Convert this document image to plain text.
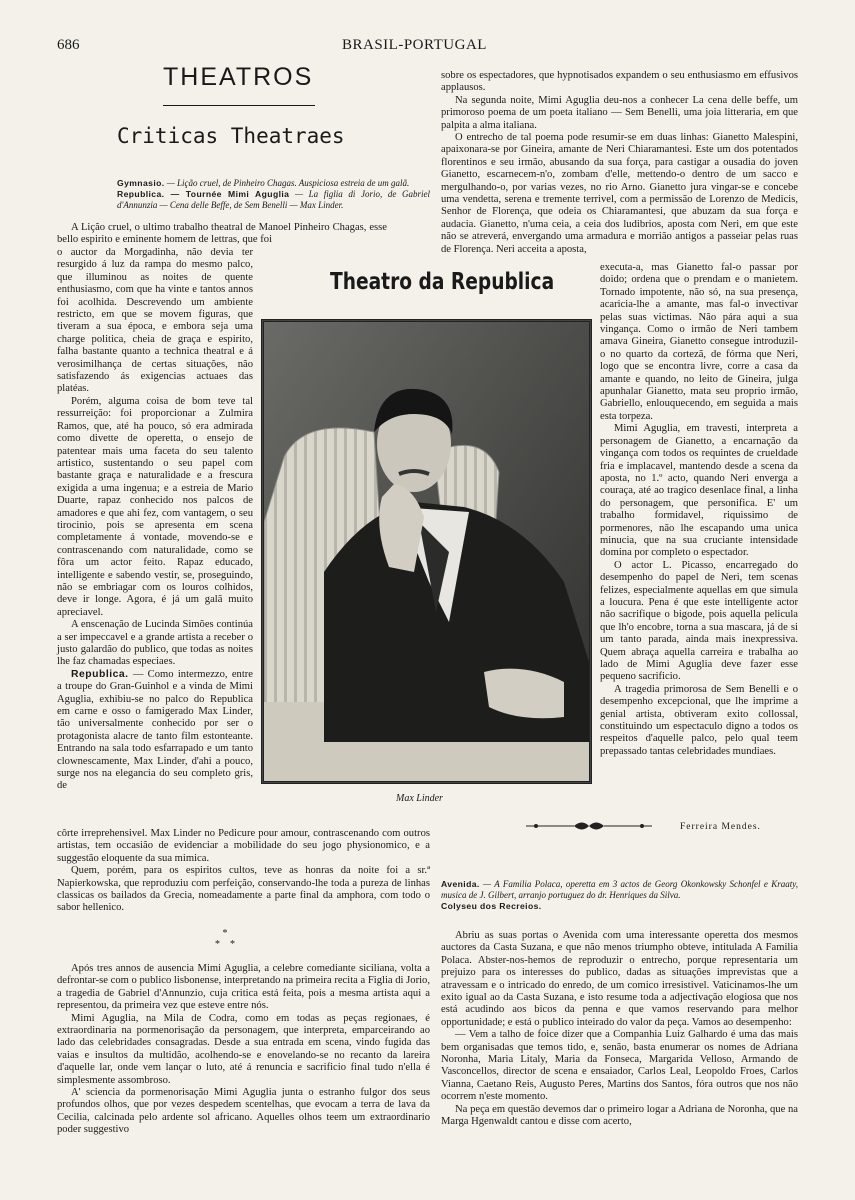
686	BRASIL-PORTUGAL
THEATROS
Criticas Theatraes
Gymnasio. — Lição cruel, de Pinheiro Chagas. Auspiciosa estreia de um galã.
Republica. — Tournée Mimi Aguglia — La figlia di Jorio, de Gabriel d'Annunzia — Cena delle Beffe, de Sem Benelli — Max Linder.

A Lição cruel, o ultimo trabalho theatral de Manoel Pinheiro Chagas, esse bello espirito e eminente homem de lettras, que foi

o auctor da Morgadinha, não devia ter resurgido á luz da rampa do mesmo palco, que illuminou as noites de quente enthusiasmo, com que ha vinte e tantos annos foi acolhida. Descrevendo um ambiente restricto, em que se movem figuras, que tiveram a sua época, e embora seja uma charge politica, cheia de graça e espirito, falha bastante quanto a technica theatral e á verosimilhança de certas situações, não satisfazendo ás exigencias actuaes das platéas.

Porém, alguma coisa de bom teve tal ressurreição: foi proporcionar a Zulmira Ramos, que, até ha pouco, só era admirada como divette de operetta, o ensejo de patentear mais uma faceta do seu talento artistico, sustentando o seu papel com bastante graça e naturalidade e a frescura exigida a uma ingenua; e a estreia de Mario Duarte, rapaz conhecido nos palcos de amadores e que ahi fez, com vantagem, o seu tirocinio, pois se apresenta em scena completamente á vontade, movendo-se e contrascenando com naturalidade, como se fôra um actor feito. Rapaz educado, intelligente e sabendo vestir, se, proseguindo, não se embriagar com os louros colhidos, deve ir longe. Agora, é já um galã muito apreciavel.

A enscenação de Lucinda Simões continúa a ser impeccavel e a grande artista a receber o justo galardão do publico, que todas as noites lhe faz chamadas especiaes.

Republica. — Como intermezzo, entre a troupe do Gran-Guinhol e a vinda de Mimi Aguglia, exhibiu-se no palco do Republica em carne e osso o famigerado Max Linder, tão universalmente conhecido por ser o protagonista alacre de tanto film estonteante. Entrando na sala todo esfarrapado e um tanto clownescamente, Max Linder, d'ahi a pouco, surge nos na elegancia do seu completo gris, de

côrte irreprehensivel. Max Linder no Pedicure pour amour, contrascenando com outros artistas, tem occasião de evidenciar a mobilidade do seu jogo physionomico, e a suggestão eloquente da sua mimica.

Quem, porém, para os espiritos cultos, teve as honras da noite foi a sr.ª Napierkowska, que reproduziu com perfeição, conservando-lhe toda a pureza de linhas classicas os bailados da Grecia, nomeadamente a parte final da amphora, com todo o sabor hellenico.

*
*    *

Após tres annos de ausencia Mimi Aguglia, a celebre comediante siciliana, volta a defrontar-se com o publico lisbonense, interpretando na primeira recita a Figlia di Jorio, a tragedia de Gabriel d'Annunzio, cuja critica está feita, pois a mesma artista aqui a representou, da primeira vez que esteve entre nós.

Mimi Aguglia, na Mila de Codra, como em todas as peças regionaes, é extraordinaria na pormenorisação da personagem, que interpreta, emparceirando ao lado das celebridades consagradas. Desde a sua entrada em scena, vindo fugida das vaias e insultos da multidão, acolhendo-se e enovelando-se no recanto da lareira d'aquelle lar, onde vem lançar o luto, até á renuncia e sacrificio final tudo n'ella é simplesmente assombroso.

A' sciencia da pormenorisação Mimi Aguglia junta o estranho fulgor dos seus profundos olhos, que por vezes despedem scentelhas, que evocam a terra de lava da Cecilia, calcinada pelo ardente sol africano. Aquelles olhos teem um extraordinario poder suggestivo

sobre os espectadores, que hypnotisados expandem o seu enthusiasmo em effusivos applausos.

Na segunda noite, Mimi Aguglia deu-nos a conhecer La cena delle beffe, um primoroso poema de um poeta italiano — Sem Benelli, uma joia litteraria, em que palpita a alma italiana.

O entrecho de tal poema pode resumir-se em duas linhas: Gianetto Malespini, apaixonara-se por Gineira, amante de Neri Chiaramantesi. Este um dos potentados florentinos e seu irmão, abusando da sua força, para castigar a ousadia do joven Gianetto, escarnecem-n'o, zombam d'elle, mettendo-o dentro de um sacco e mergulhando-o, por varias vezes, no rio Arno. Gianetto jura vingar-se e concebe uma vendetta, serena e tremente terrivel, com a permissão de Lorenzo de Medicis, Senhor de Florença, que odeia os Chiaramantesi, que abuzam da sua força e audacia. Gianetto, n'uma ceia, a ceia dos ludibrios, aposta com Neri, em que este não se atreverá, envergando uma armadura e morrião antigos a passeiar pelas ruas de Florença. Neri acceita a aposta,

Theatro da Republica
Max Linder

executa-a, mas Gianetto fal-o passar por doido; ordena que o prendam e o manietem. Tornado impotente, não só, na sua presença, acaricia-lhe a amante, mas fal-o invectivar pelas suas victimas. Não pára aqui a sua vingança. Como o irmão de Neri tambem amava Gineira, Gianetto consegue introduzil-o no quarto da cortezã, de fórma que Neri, logo que se encontra livre, corre a casa da amante e quando, no leito de Gineira, julga apunhalar Gianetto, mata seu proprio irmão, Gabriello, enlouquecendo, em seguida a mais esta torpeza.

Mimi Aguglia, em travesti, interpreta a personagem de Gianetto, a encarnação da vingança com todos os requintes de crueldade fria e implacavel, mantendo desde a scena da aposta, no 1.º acto, quando Neri enverga a couraça, até ao tragico desenlace final, a linha do personagem, que personifica. E' um trabalho formidavel, riquissimo de pormenores, não lhe escapando uma unica minucia, que na sua cruciante intensidade domina por completo o espectador.

O actor L. Picasso, encarregado do desempenho do papel de Neri, tem scenas felizes, especialmente aquellas em que simula a loucura. Pena é que este intelligente actor não sacrifique o bigode, pois aquella pelicula que lh'o encobre, torna a sua mascara, já de si um tanto parada, ainda mais inexpressiva. Quem abraça aquella carreira e trabalha ao lado de Mimi Aguglia deve fazer esse pequeno sacrificio.

A tragedia primorosa de Sem Benelli e o desempenho excepcional, que lhe imprime a genial artista, obtiveram exito collossal, constituindo um espectaculo digno a todos os respeitos d'aquelle palco, pelo qual teem prepassado tantas celebridades mundiaes.

Ferreira Mendes.
Avenida. — A Familia Polaca, operetta em 3 actos de Georg Okonkowsky Schonfel e Kraaty, musica de J. Gilbert, arranjo portuguez do dr. Henriques da Silva.
Colyseu dos Recreios.

Abriu as suas portas o Avenida com uma interessante operetta dos mesmos auctores da Casta Suzana, e que não menos triumpho obteve, intitulada A Familia Polaca. Abster-nos-hemos de reproduzir o entrecho, porque representaria um prejuizo para os interesses do publico, dadas as situações imprevistas que a atravessam e o intricado do enredo, de um comico irresistivel. Vaticinamos-lhe um exito igual ao da Casta Suzana, e isto resume toda a adjectivação elogiosa que nos está acudindo aos bicos da penna e que vamos reservando para melhor opportunidade; e está o publico inteirado do valor da peça. Vamos ao desempenho:

— Vem a talho de foice dizer que a Companhia Luiz Galhardo é uma das mais bem organisadas que temos tido, e, senão, basta enumerar os nomes de Adriana Noronha, Maria Litaly, Maria da Fonseca, Margarida Velloso, Armando de Vasconcellos, director de scena e ensaiador, Carlos Leal, Leopoldo Froes, Carlos Vianna, Caetano Reis, Augusto Peres, Martins dos Santos, fóra outros que nos não ocorrem n'este momento.

Na peça em questão devemos dar o primeiro logar a Adriana de Noronha, que na Marga Hgenwaldt cantou e disse com acerto,
